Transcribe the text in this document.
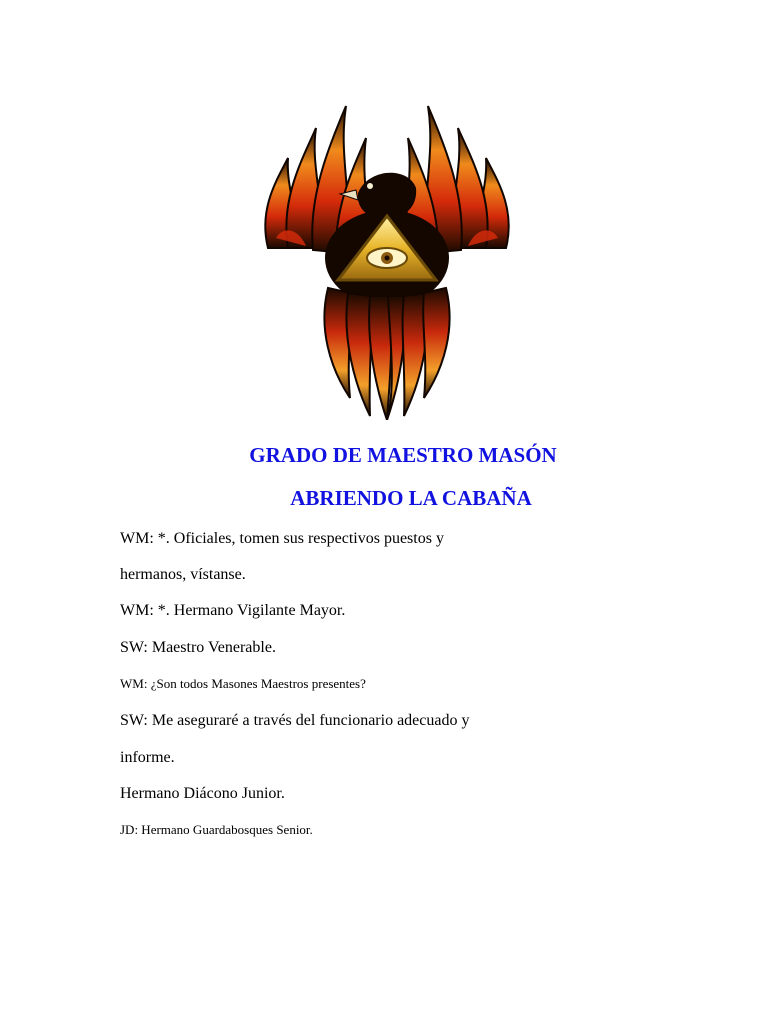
GRADO DE MAESTRO MASÓN
ABRIENDO LA CABAÑA
WM: *. Oficiales, tomen sus respectivos puestos y
hermanos, vístanse.
WM: *. Hermano Vigilante Mayor.
SW: Maestro Venerable.
WM: ¿Son todos Masones Maestros presentes?
SW: Me aseguraré a través del funcionario adecuado y
informe.
Hermano Diácono Junior.
JD: Hermano Guardabosques Senior.
